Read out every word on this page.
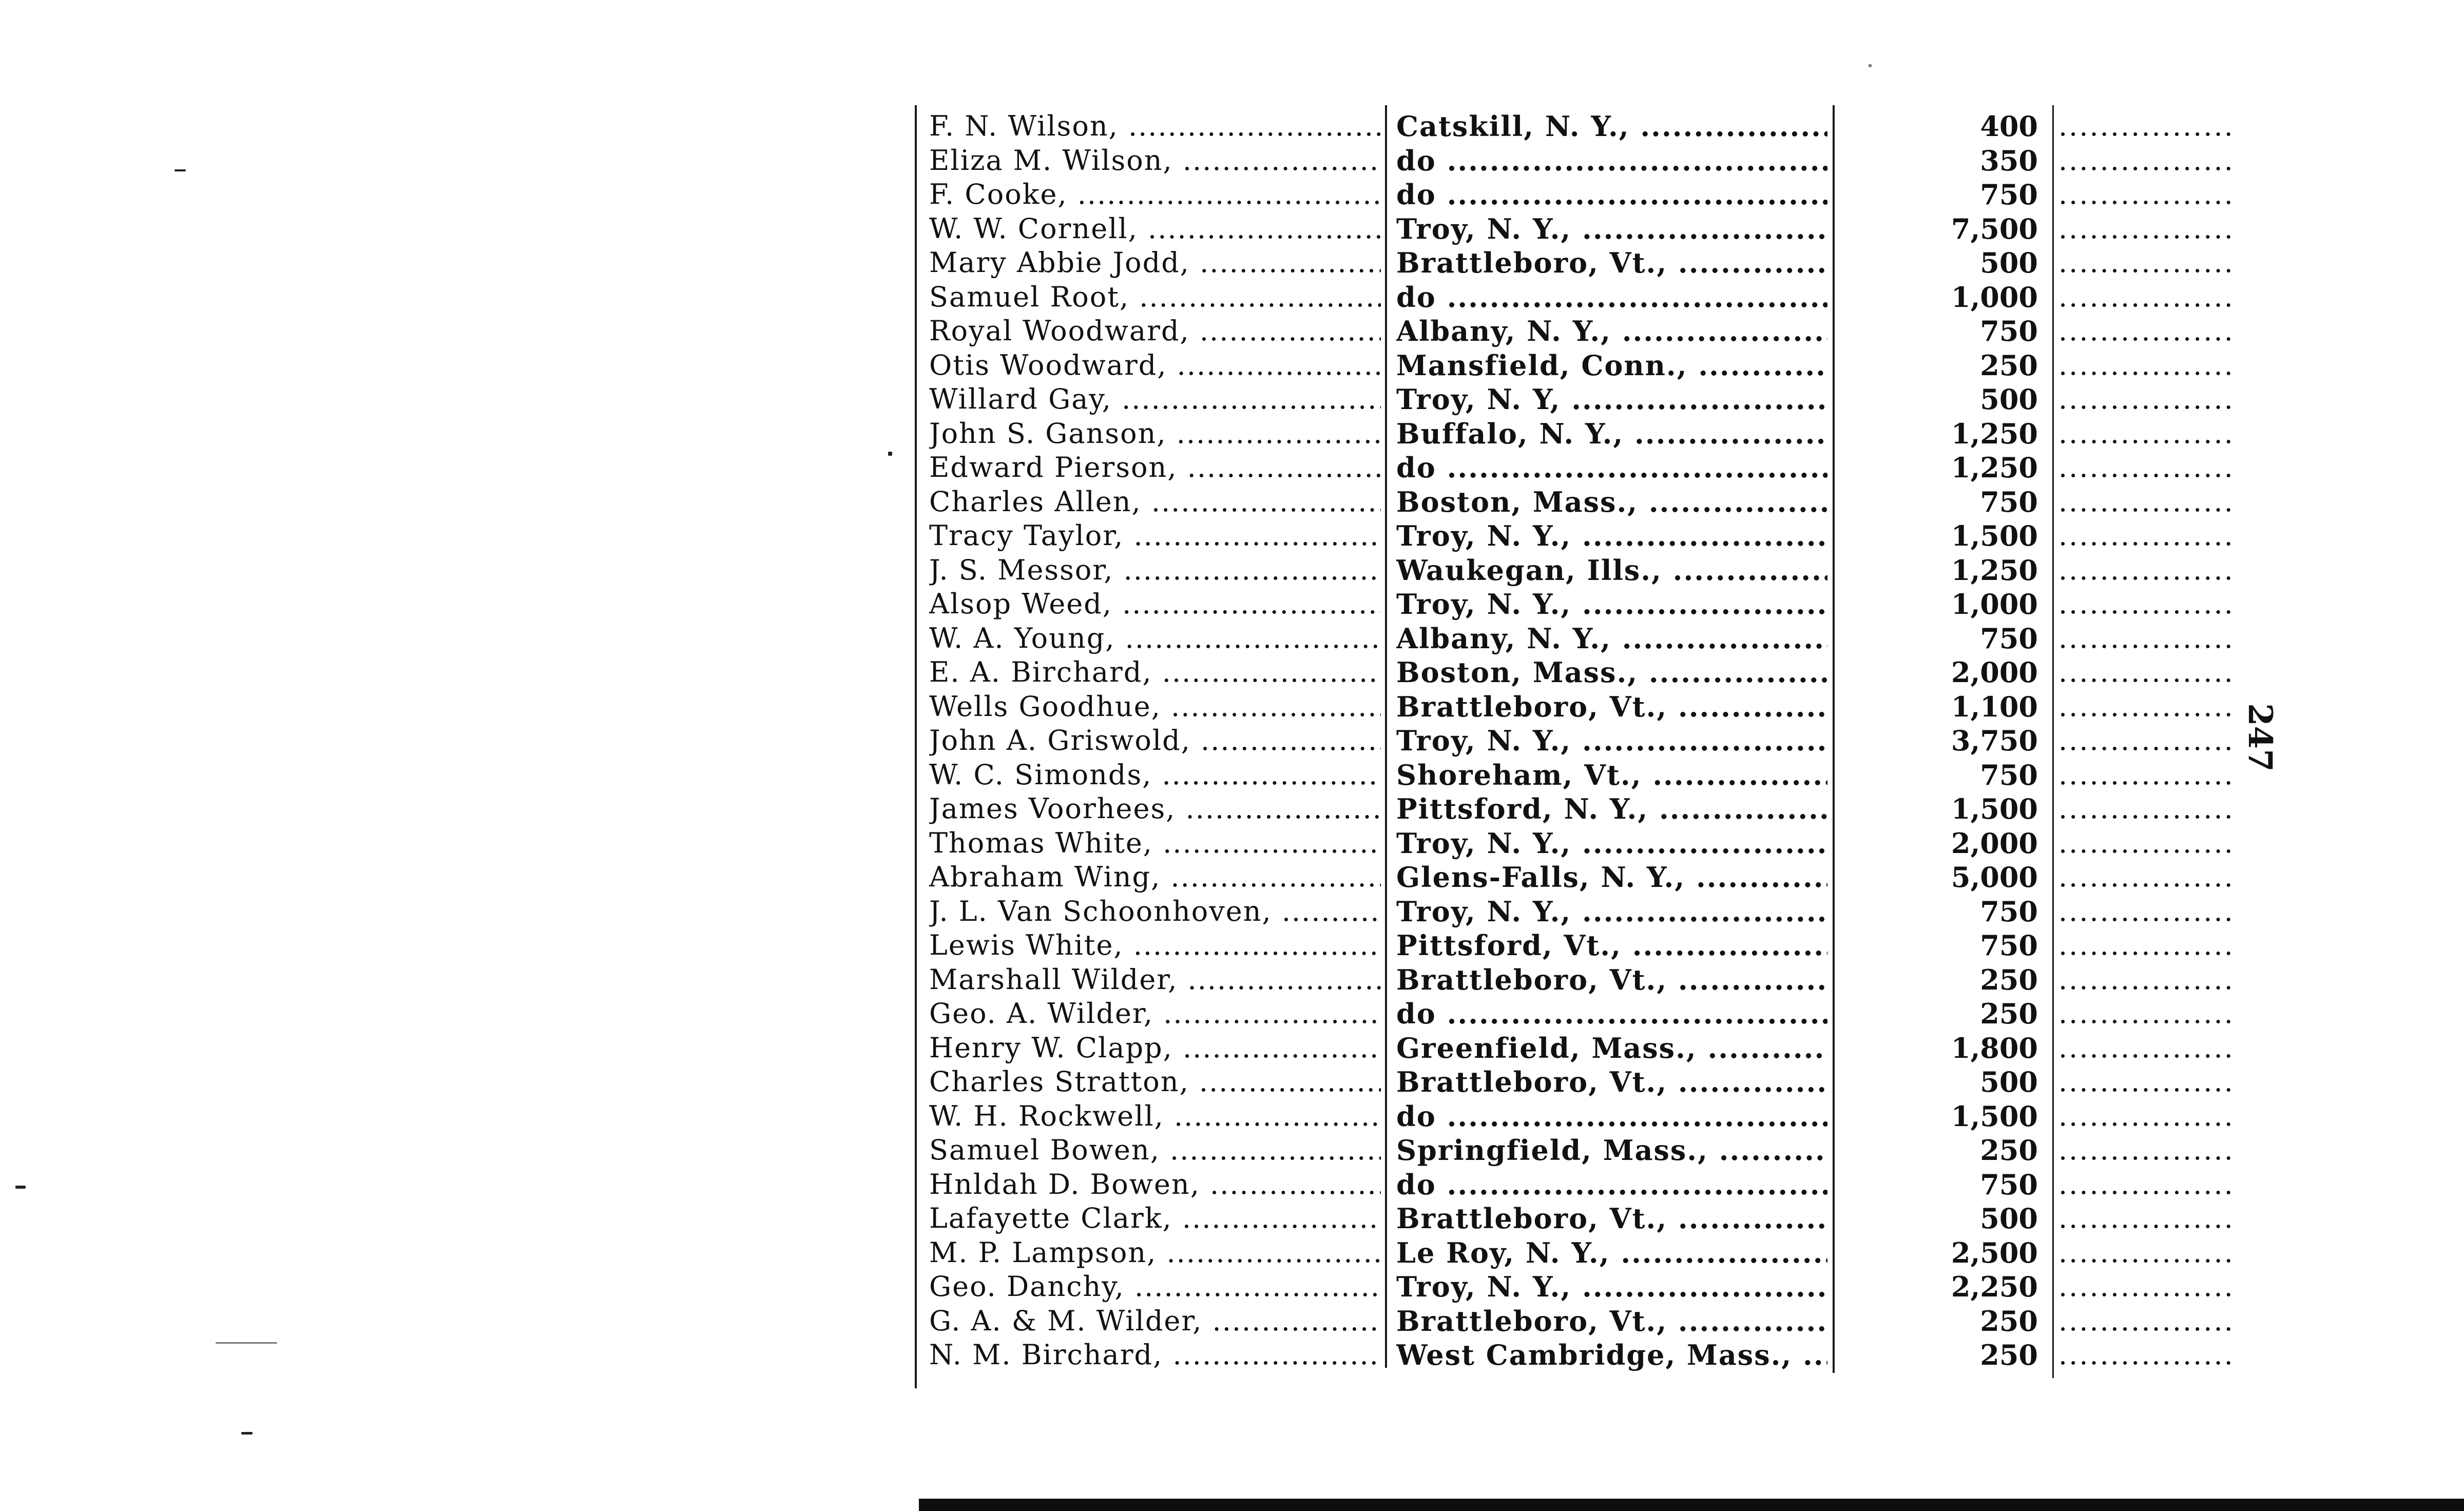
F. N. Wilson, .....	Catskill, N. Y., .....	400 .................
Eliza M. Wilson, .....	do .....	350 .................
F. Cooke, .....	do .....	750 .................
W. W. Cornell, .....	Troy, N. Y., .....	7,500 .................
Mary Abbie Jodd, .....	Brattleboro, Vt., .....	500 .................
Samuel Root, .....	do .....	1,000 .................
Royal Woodward, .....	Albany, N. Y., .....	750 .................
Otis Woodward, .....	Mansfield, Conn., .....	250 .................
Willard Gay, .....	Troy, N. Y, .....	500 .................
John S. Ganson, .....	Buffalo, N. Y., .....	1,250 .................
Edward Pierson, .....	do .....	1,250 .................
Charles Allen, .....	Boston, Mass., .....	750 .................
Tracy Taylor, .....	Troy, N. Y., .....	1,500 .................
J. S. Messor, .....	Waukegan, Ills., .....	1,250 .................
Alsop Weed, .....	Troy, N. Y., .....	1,000 .................
W. A. Young, .....	Albany, N. Y., .....	750 .................
E. A. Birchard, .....	Boston, Mass., .....	2,000 .................
Wells Goodhue, .....	Brattleboro, Vt., .....	1,100 .................
John A. Griswold, .....	Troy, N. Y., .....	3,750 .................
W. C. Simonds, .....	Shoreham, Vt., .....	750 .................
James Voorhees, .....	Pittsford, N. Y., .....	1,500 .................
Thomas White, .....	Troy, N. Y., .....	2,000 .................
Abraham Wing, .....	Glens-Falls, N. Y., .....	5,000 .................
J. L. Van Schoonhoven, .....	Troy, N. Y., .....	750 .................
Lewis White, .....	Pittsford, Vt., .....	750 .................
Marshall Wilder, .....	Brattleboro, Vt., .....	250 .................
Geo. A. Wilder, .....	do .....	250 .................
Henry W. Clapp, .....	Greenfield, Mass., .....	1,800 .................
Charles Stratton, .....	Brattleboro, Vt., .....	500 .................
W. H. Rockwell, .....	do .....	1,500 .................
Samuel Bowen, .....	Springfield, Mass., .....	250 .................
Hnldah D. Bowen, .....	do .....	750 .................
Lafayette Clark, .....	Brattleboro, Vt., .....	500 .................
M. P. Lampson, .....	Le Roy, N. Y., .....	2,500 .................
Geo. Danchy, .....	Troy, N. Y., .....	2,250 .................
G. A. & M. Wilder, .....	Brattleboro, Vt., .....	250 .................
N. M. Birchard, .....	West Cambridge, Mass., .....	250 .................
247
